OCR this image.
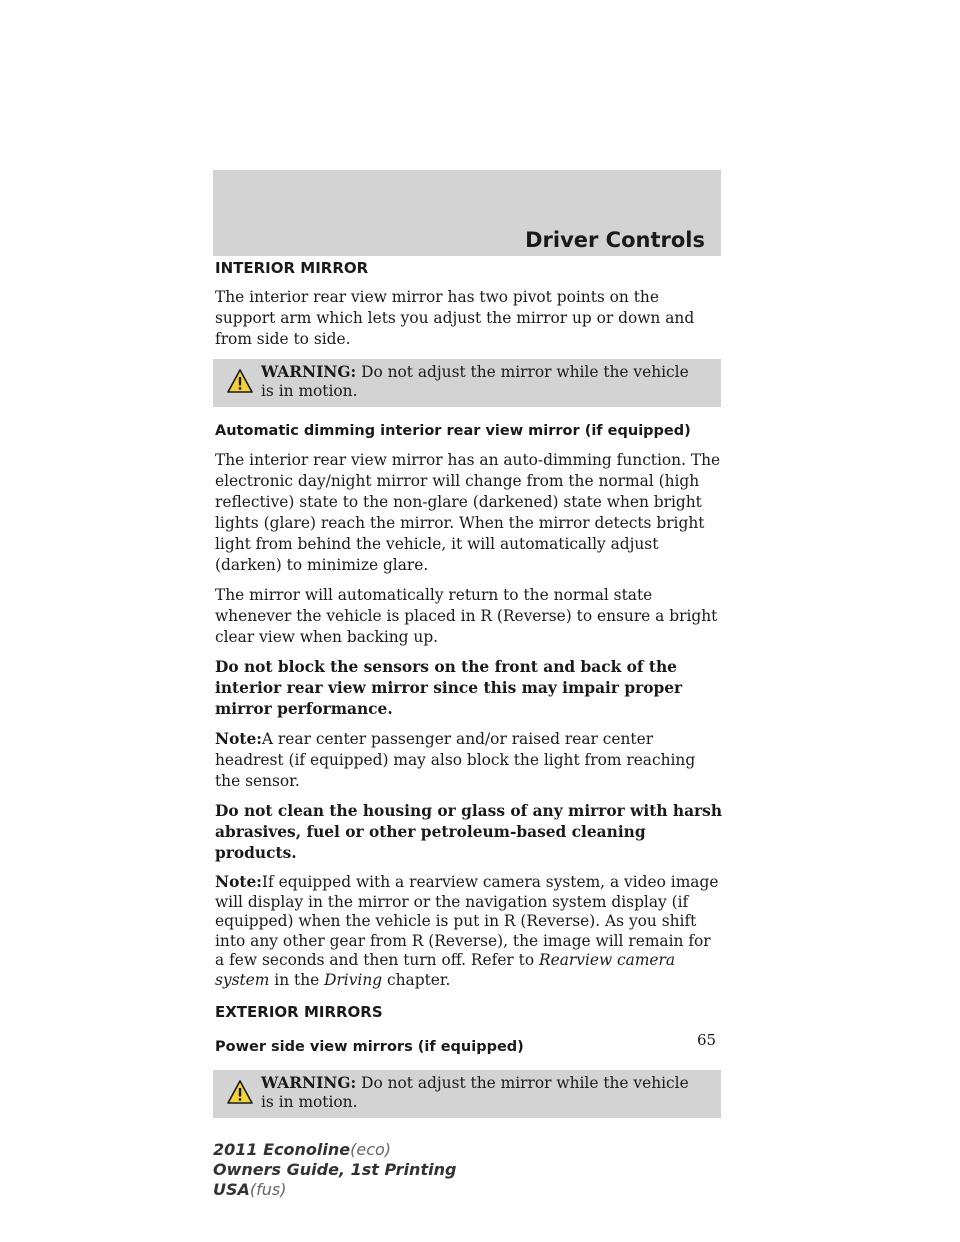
Driver Controls
INTERIOR MIRROR

The interior rear view mirror has two pivot points on the support arm which lets you adjust the mirror up or down and from side to side.

WARNING: Do not adjust the mirror while the vehicle is in motion.
Automatic dimming interior rear view mirror (if equipped)

The interior rear view mirror has an auto-dimming function. The electronic day/night mirror will change from the normal (high reflective) state to the non-glare (darkened) state when bright lights (glare) reach the mirror. When the mirror detects bright light from behind the vehicle, it will automatically adjust (darken) to minimize glare.

The mirror will automatically return to the normal state whenever the vehicle is placed in R (Reverse) to ensure a bright clear view when backing up.

Do not block the sensors on the front and back of the interior rear view mirror since this may impair proper mirror performance.

Note:A rear center passenger and/or raised rear center headrest (if equipped) may also block the light from reaching the sensor.

Do not clean the housing or glass of any mirror with harsh abrasives, fuel or other petroleum-based cleaning products.

Note:If equipped with a rearview camera system, a video image will display in the mirror or the navigation system display (if equipped) when the vehicle is put in R (Reverse). As you shift into any other gear from R (Reverse), the image will remain for a few seconds and then turn off. Refer to Rearview camera system in the Driving chapter.

EXTERIOR MIRRORS
Power side view mirrors (if equipped)
WARNING: Do not adjust the mirror while the vehicle is in motion.
65
2011 Econoline(eco)
Owners Guide, 1st Printing
USA(fus)
